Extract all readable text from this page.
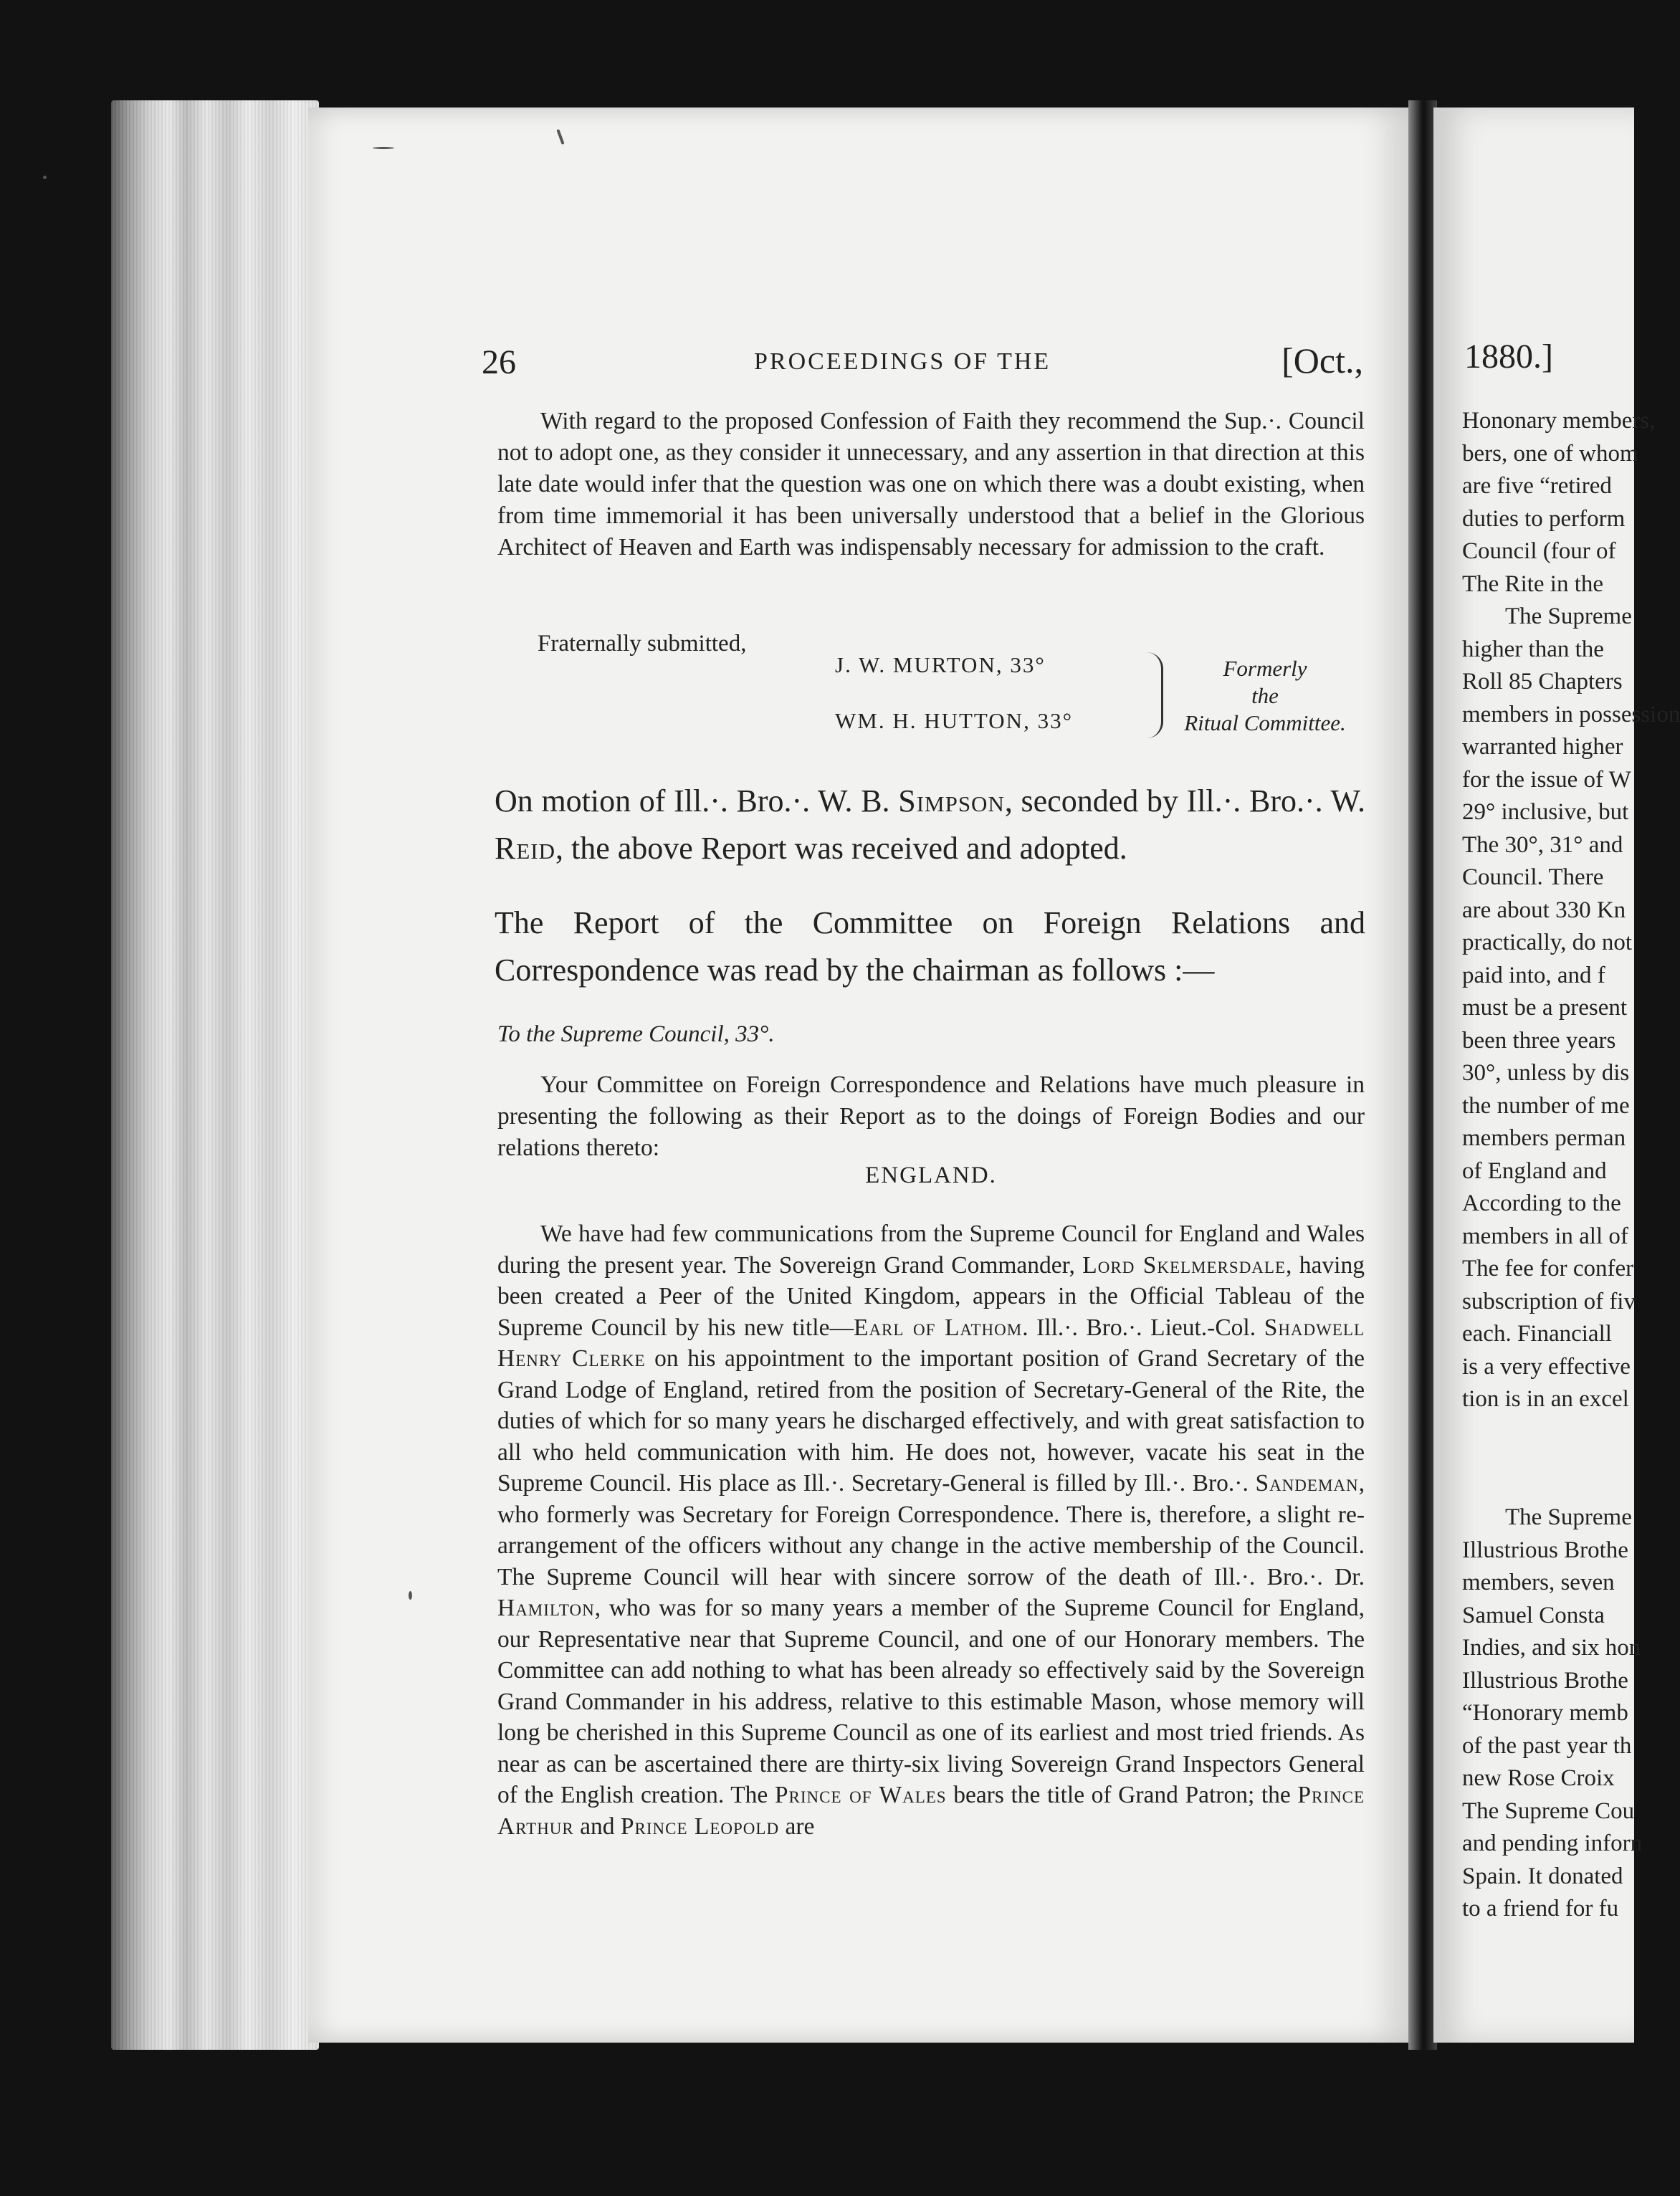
26	PROCEEDINGS OF THE	[Oct.,

With regard to the proposed Confession of Faith they recommend the Sup.·. Council not to adopt one, as they consider it unnecessary, and any assertion in that direction at this late date would infer that the question was one on which there was a doubt existing, when from time immemorial it has been universally understood that a belief in the Glorious Architect of Heaven and Earth was indispensably necessary for admission to the craft.

Fraternally submitted,
J. W. MURTON, 33°
WM. H. HUTTON, 33°
Formerly
the
Ritual Committee.
On motion of Ill.·. Bro.·. W. B. Simpson, seconded by Ill.·. Bro.·. W. Reid, the above Report was received and adopted.
The Report of the Committee on Foreign Relations and Correspondence was read by the chairman as follows :—
To the Supreme Council, 33°.

Your Committee on Foreign Correspondence and Relations have much pleasure in presenting the following as their Report as to the doings of Foreign Bodies and our relations thereto:

ENGLAND.

We have had few communications from the Supreme Council for England and Wales during the present year. The Sovereign Grand Commander, Lord Skelmersdale, having been created a Peer of the United Kingdom, appears in the Official Tableau of the Supreme Council by his new title—Earl of Lathom. Ill.·. Bro.·. Lieut.-Col. Shadwell Henry Clerke on his appointment to the important position of Grand Secretary of the Grand Lodge of England, retired from the position of Secretary-General of the Rite, the duties of which for so many years he discharged effectively, and with great satisfaction to all who held communication with him. He does not, however, vacate his seat in the Supreme Council. His place as Ill.·. Secretary-General is filled by Ill.·. Bro.·. Sandeman, who formerly was Secretary for Foreign Correspondence. There is, therefore, a slight re-arrangement of the officers without any change in the active membership of the Council. The Supreme Council will hear with sincere sorrow of the death of Ill.·. Bro.·. Dr. Hamilton, who was for so many years a member of the Supreme Council for England, our Representative near that Supreme Council, and one of our Honorary members. The Committee can add nothing to what has been already so effectively said by the Sovereign Grand Commander in his address, relative to this estimable Mason, whose memory will long be cherished in this Supreme Council as one of its earliest and most tried friends. As near as can be ascertained there are thirty-six living Sovereign Grand Inspectors General of the English creation. The Prince of Wales bears the title of Grand Patron; the Prince Arthur and Prince Leopold are

1880.]
Hononary members,
bers, one of whom
are five “retired
duties to perform
Council (four of
The Rite in the
The Supreme
higher than the
Roll 85 Chapters
members in possession
warranted higher
for the issue of W
29° inclusive, but
The 30°, 31° and
Council. There
are about 330 Kn
practically, do not
paid into, and f
must be a present
been three years
30°, unless by dis
the number of me
members perman
of England and
According to the
members in all of
The fee for confer
subscription of fiv
each. Financiall
is a very effective
tion is in an excel
The Supreme
Illustrious Brothe
members, seven
Samuel Consta
Indies, and six hon
Illustrious Brothe
“Honorary memb
of the past year th
new Rose Croix
The Supreme Cou
and pending inforn
Spain. It donated
to a friend for fu
